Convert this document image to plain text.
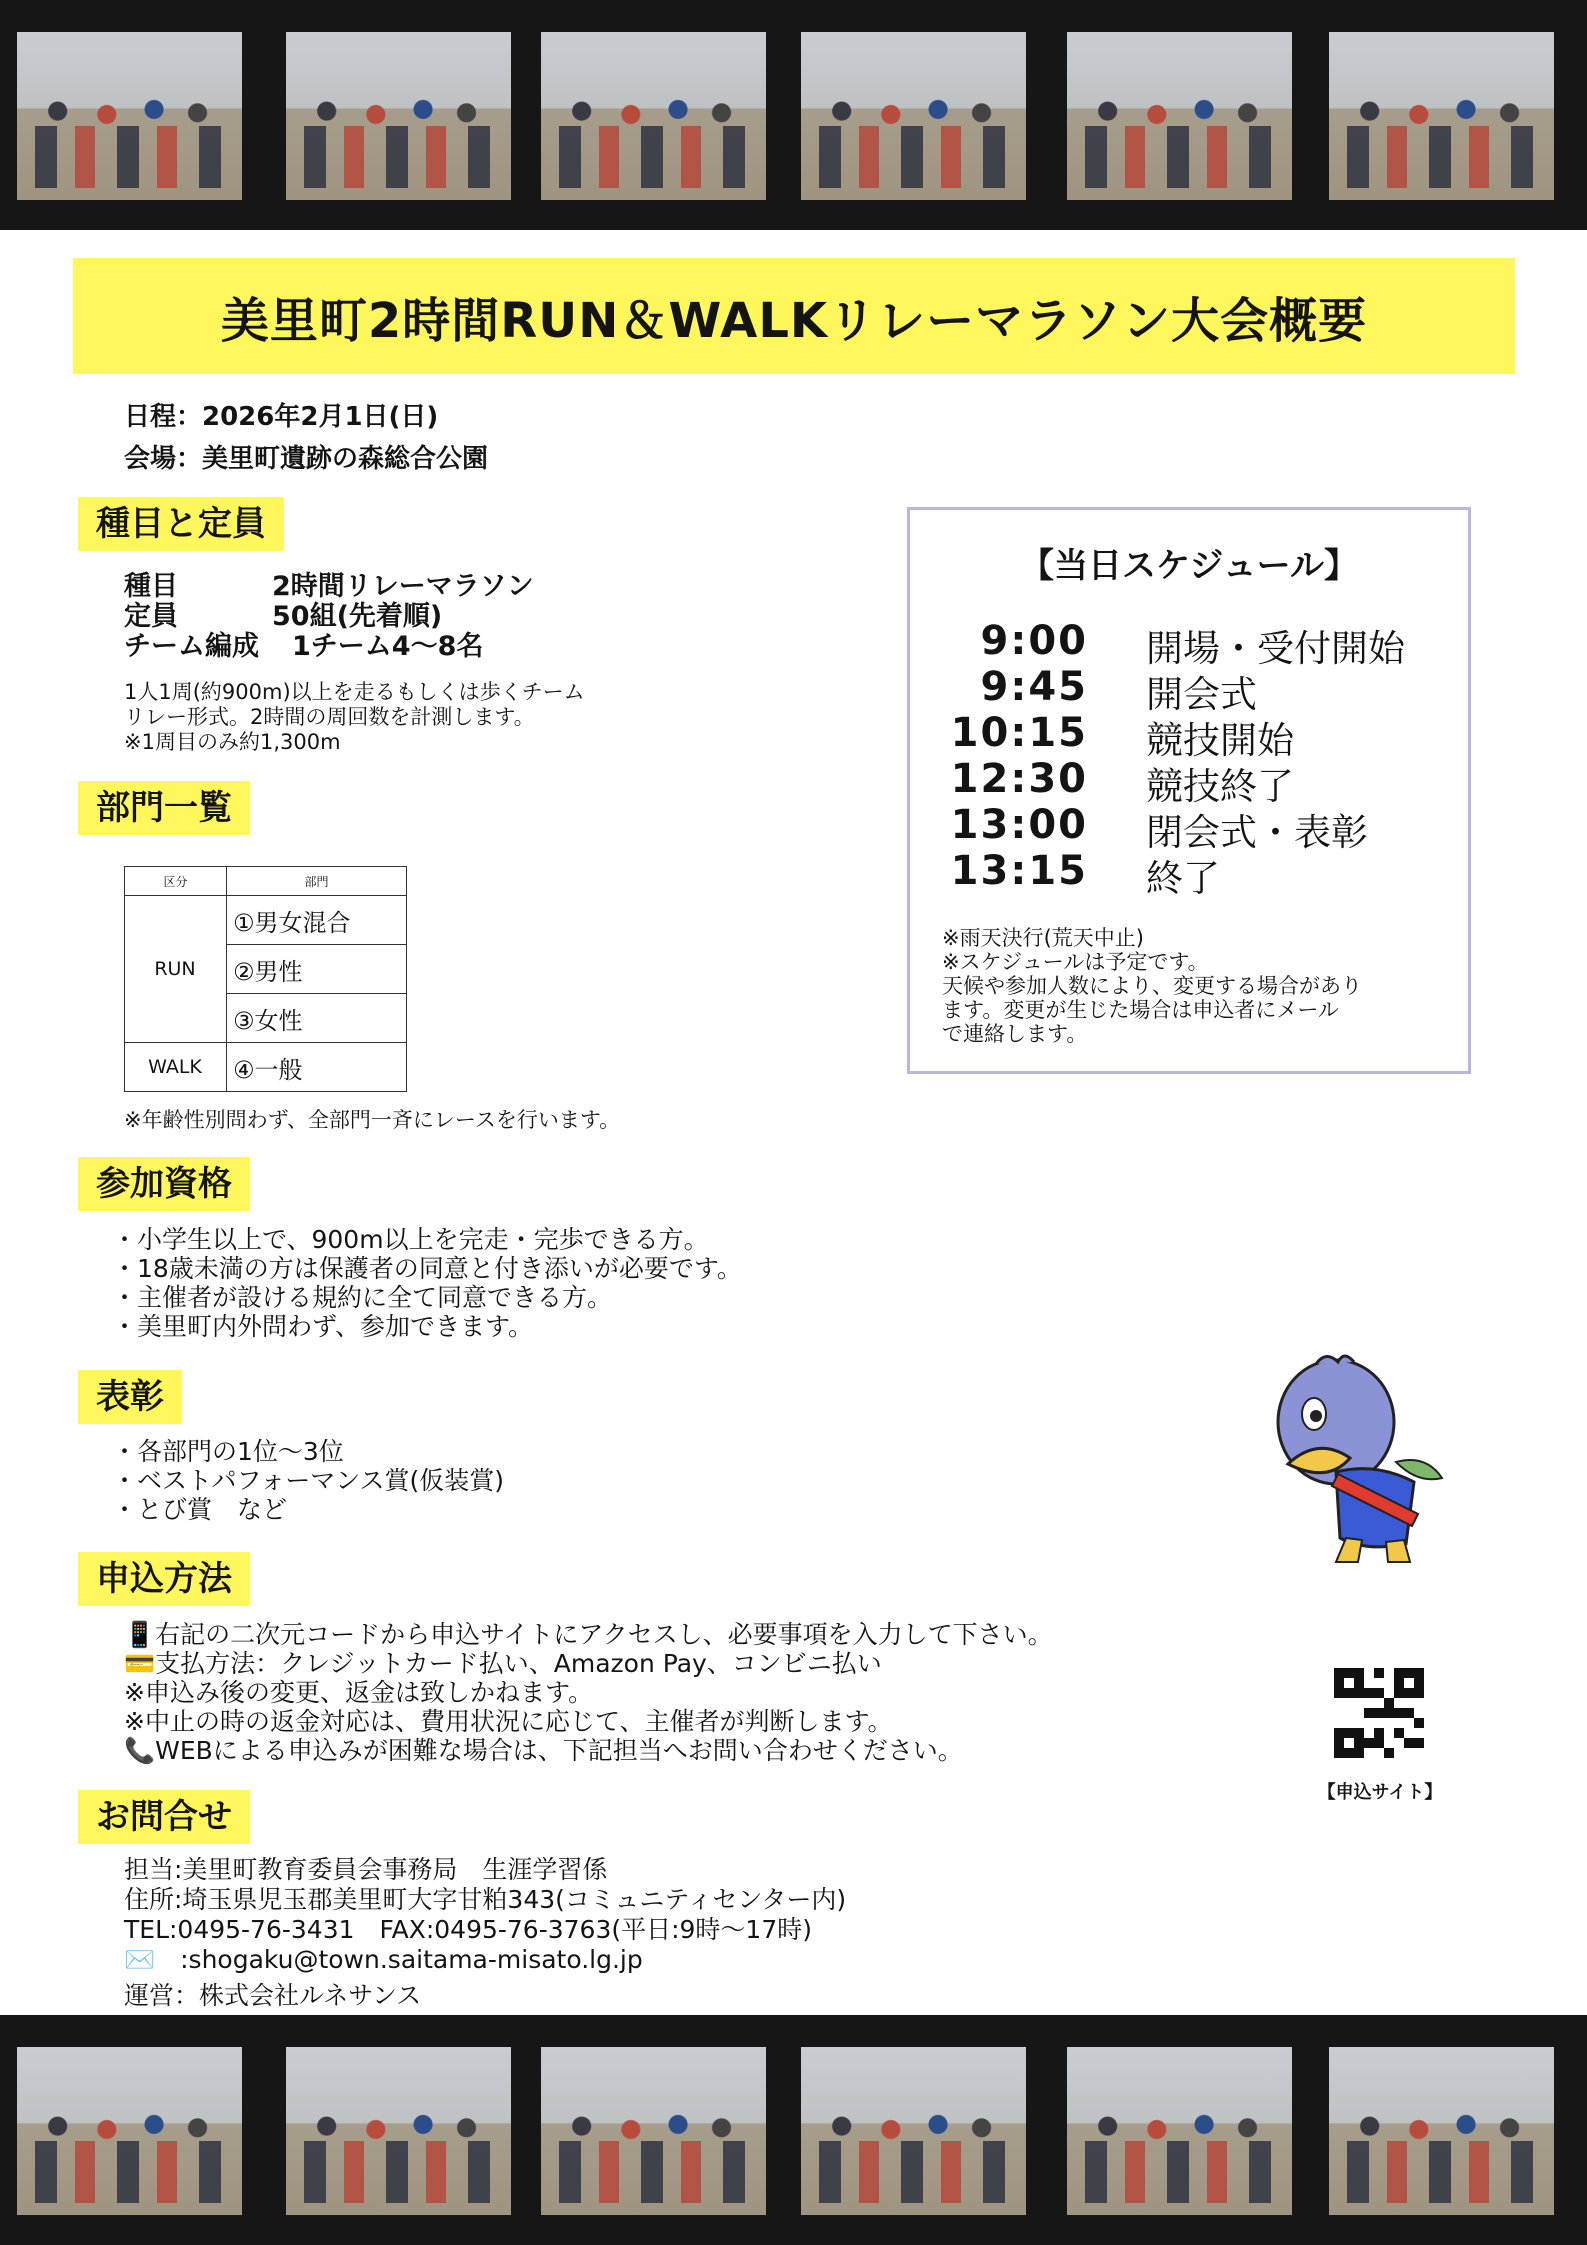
美里町2時間RUN＆WALKリレーマラソン大会概要
日程：2026年2月1日(日)
会場：美里町遺跡の森総合公園
種目と定員
種目	2時間リレーマラソン
定員	50組(先着順)
チーム編成 1チーム4～8名
1人1周(約900m)以上を走るもしくは歩くチーム
リレー形式。2時間の周回数を計測します。
※1周目のみ約1,300m
部門一覧
区分	部門
RUN	①男女混合
	②男性
	③女性
WALK	④一般
※年齢性別問わず、全部門一斉にレースを行います。
参加資格
・小学生以上で、900m以上を完走・完歩できる方。
・18歳未満の方は保護者の同意と付き添いが必要です。
・主催者が設ける規約に全て同意できる方。
・美里町内外問わず、参加できます。
表彰
・各部門の1位～3位
・ベストパフォーマンス賞(仮装賞)
・とび賞　など
申込方法
📱右記の二次元コードから申込サイトにアクセスし、必要事項を入力して下さい。
💳支払方法：クレジットカード払い、Amazon Pay、コンビニ払い
※申込み後の変更、返金は致しかねます。
※中止の時の返金対応は、費用状況に応じて、主催者が判断します。
📞WEBによる申込みが困難な場合は、下記担当へお問い合わせください。
お問合せ
担当:美里町教育委員会事務局　生涯学習係
住所:埼玉県児玉郡美里町大字甘粕343(コミュニティセンター内)
TEL:0495-76-3431　FAX:0495-76-3763(平日:9時～17時)
✉️　:shogaku@town.saitama-misato.lg.jp
運営：株式会社ルネサンス
【当日スケジュール】
9:00 開場・受付開始
9:45 開会式
10:15 競技開始
12:30 競技終了
13:00 閉会式・表彰
13:15 終了
※雨天決行(荒天中止)
※スケジュールは予定です。
天候や参加人数により、変更する場合があり
ます。変更が生じた場合は申込者にメール
で連絡します。
【申込サイト】
